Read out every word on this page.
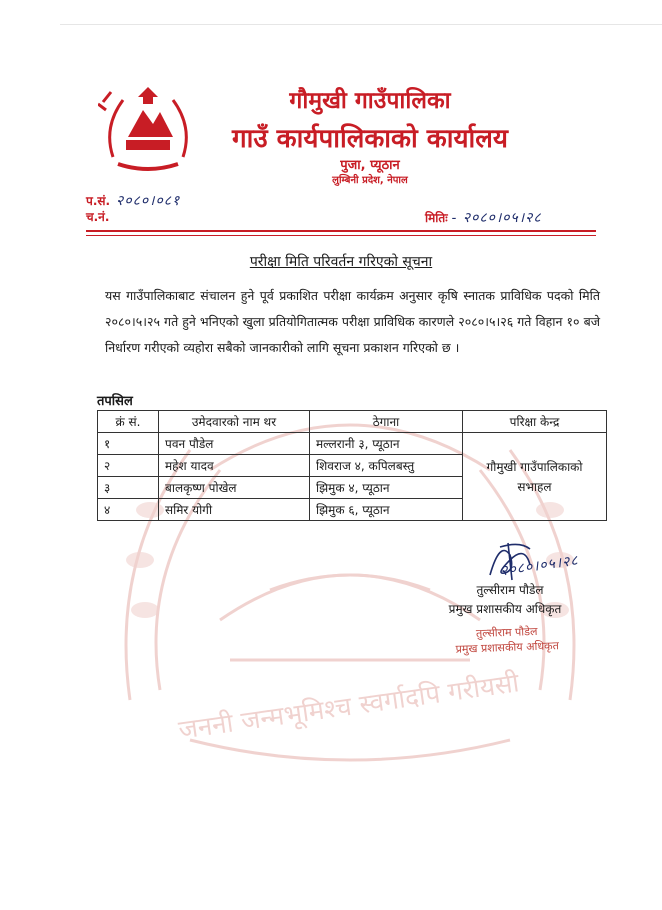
जननी जन्मभूमिश्च स्वर्गादपि गरीयसी
गौमुखी गाउँपालिका
गाउँ कार्यपालिकाको कार्यालय
पुजा, प्यूठान
लुम्बिनी प्रदेश, नेपाल
प.सं. २०८०।०८१
च.नं.	मितिः - २०८०।०५।२८
परीक्षा मिति परिवर्तन गरिएको सूचना
यस गाउँपालिकाबाट संचालन हुने पूर्व प्रकाशित परीक्षा कार्यक्रम अनुसार कृषि स्नातक प्राविधिक पदको मिति २०८०।५।२५ गते हुने भनिएको खुला प्रतियोगितात्मक परीक्षा प्राविधिक कारणले २०८०।५।२६ गते विहान १० बजे निर्धारण गरीएको व्यहोरा सबैको जानकारीको लागि सूचना प्रकाशन गरिएको छ ।
तपसिल
क्रं सं.	उमेदवारको नाम थर	ठेगाना	परिक्षा केन्द्र
१	पवन पौडेल	मल्लरानी ३, प्यूठान	गौमुखी गाउँपालिकाको
सभाहल
२	महेश यादव	शिवराज ४, कपिलबस्तु	
३	बालकृष्ण पोखेल	झिमुक ४, प्यूठान	
४	समिर योगी	झिमुक ६, प्यूठान	
२०८०।०५।२८
तुल्सीराम पौडेल
प्रमुख प्रशासकीय अधिकृत
तुल्सीराम पौडेल
प्रमुख प्रशासकीय अधिकृत
